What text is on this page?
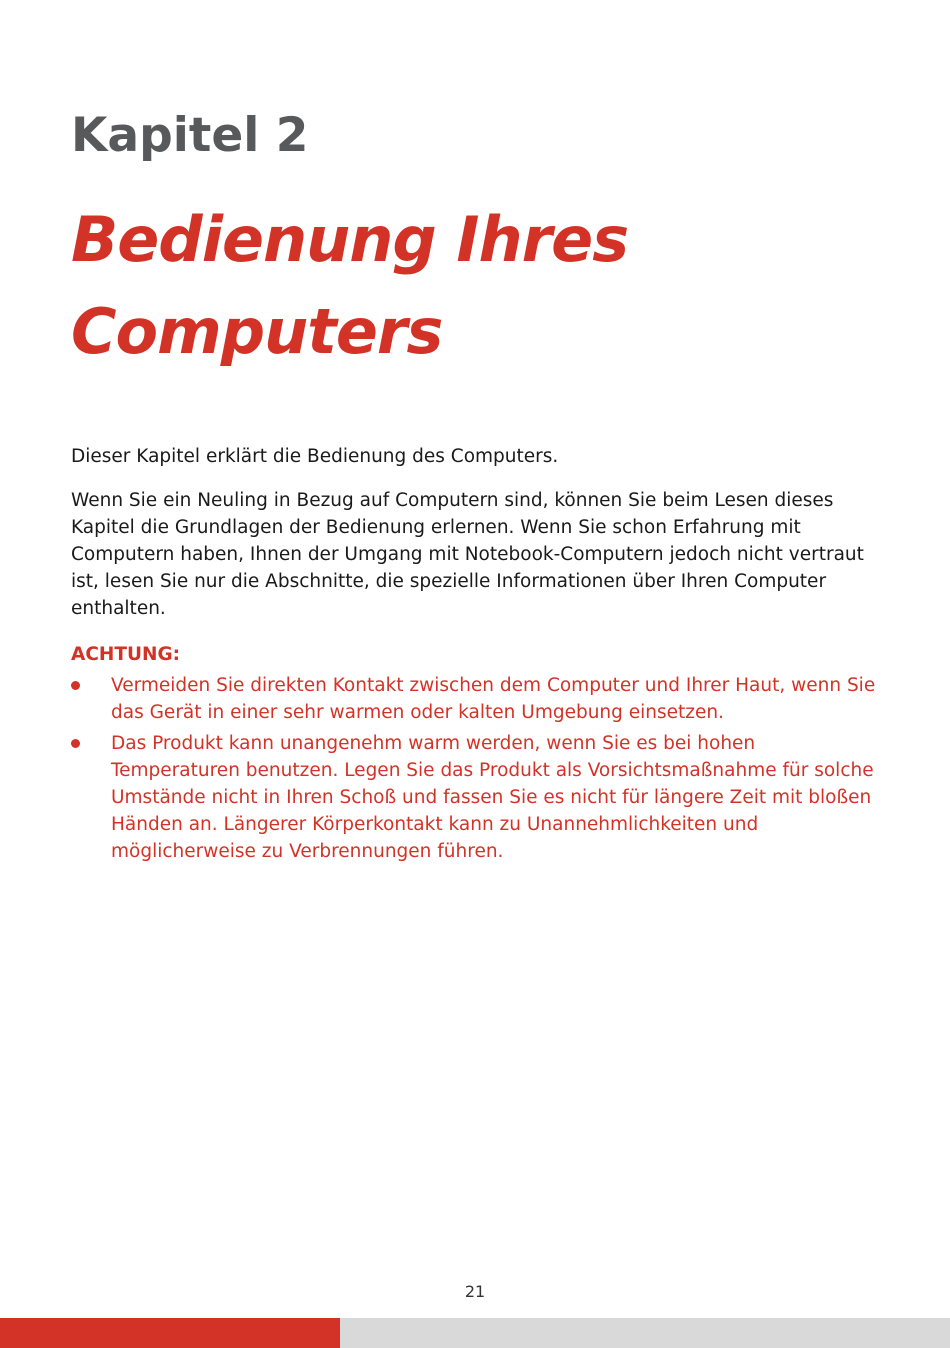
Kapitel 2
Bedienung Ihres Computers

Dieser Kapitel erklärt die Bedienung des Computers.

Wenn Sie ein Neuling in Bezug auf Computern sind, können Sie beim Lesen dieses Kapitel die Grundlagen der Bedienung erlernen. Wenn Sie schon Erfahrung mit Computern haben, Ihnen der Umgang mit Notebook-Computern jedoch nicht vertraut ist, lesen Sie nur die Abschnitte, die spezielle Informationen über Ihren Computer enthalten.

ACHTUNG:
Vermeiden Sie direkten Kontakt zwischen dem Computer und Ihrer Haut, wenn Sie das Gerät in einer sehr warmen oder kalten Umgebung einsetzen.
Das Produkt kann unangenehm warm werden, wenn Sie es bei hohen Temperaturen benutzen. Legen Sie das Produkt als Vorsichtsmaßnahme für solche Umstände nicht in Ihren Schoß und fassen Sie es nicht für längere Zeit mit bloßen Händen an. Längerer Körperkontakt kann zu Unannehmlichkeiten und möglicherweise zu Verbrennungen führen.
21
